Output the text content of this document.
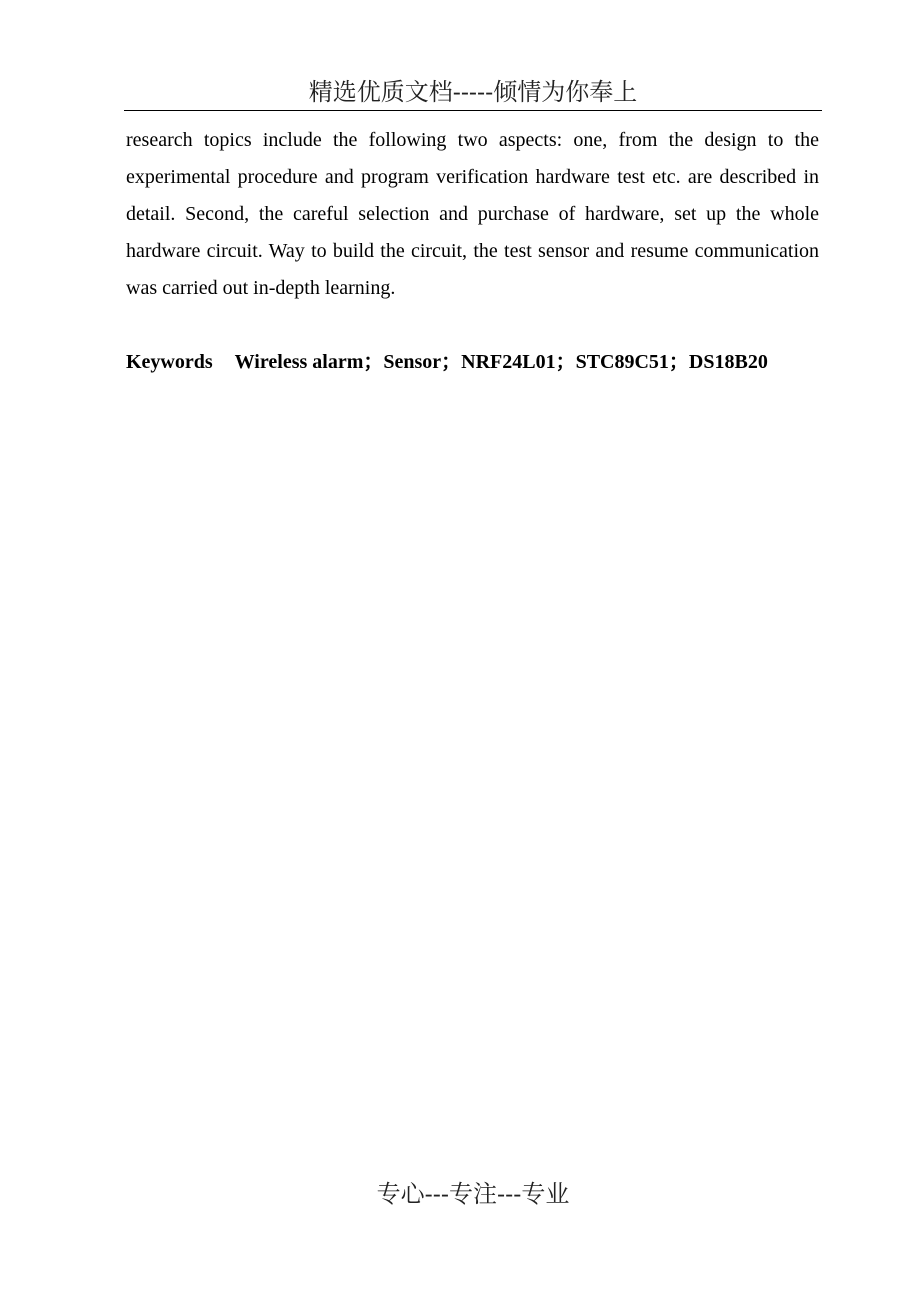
精选优质文档-----倾情为你奉上

research topics include the following two aspects: one, from the design to the experimental procedure and program verification hardware test etc. are described in detail. Second, the careful selection and purchase of hardware, set up the whole hardware circuit. Way to build the circuit, the test sensor and resume communication was carried out in-depth learning.

Keywords Wireless alarm；Sensor；NRF24L01；STC89C51；DS18B20

专心---专注---专业
